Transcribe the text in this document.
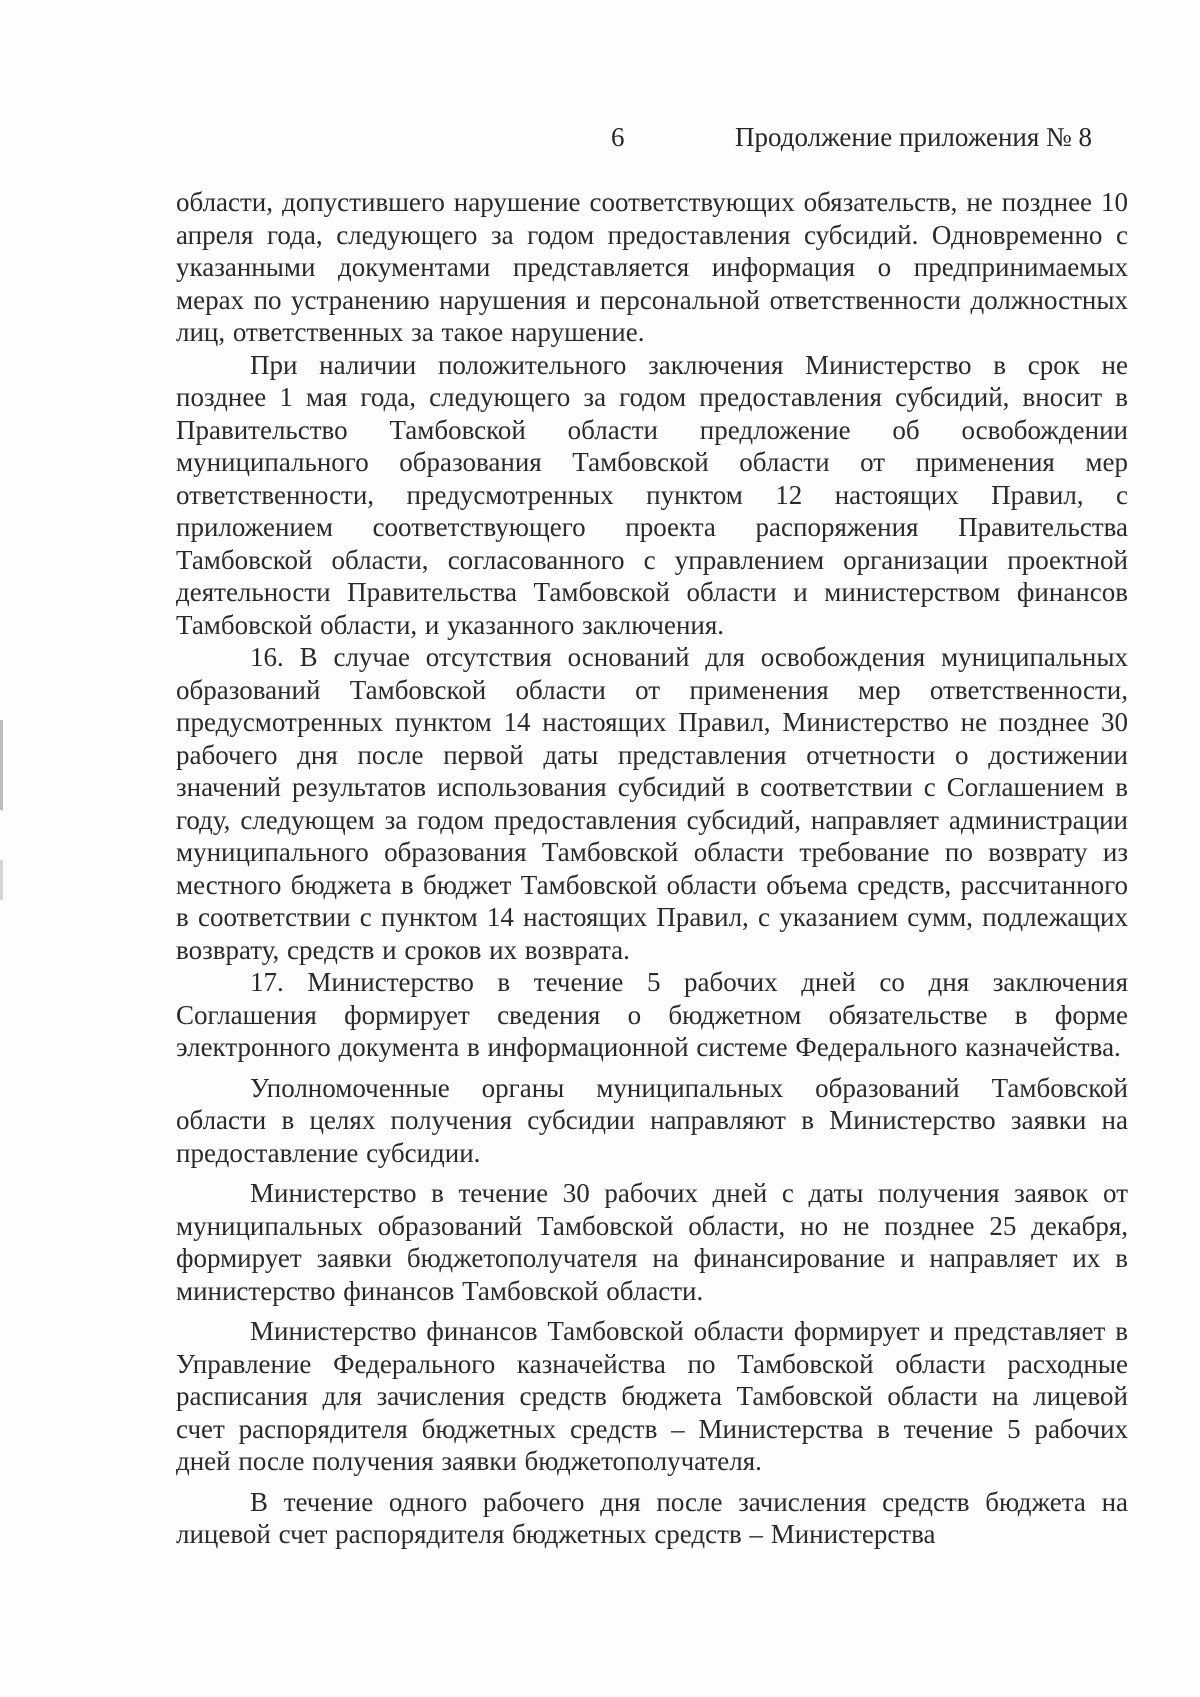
6	Продолжение приложения № 8

области, допустившего нарушение соответствующих обязательств, не позднее 10 апреля года, следующего за годом предоставления субсидий. Одновременно с указанными документами представляется информация о предпринимаемых мерах по устранению нарушения и персональной ответственности должностных лиц, ответственных за такое нарушение.

При наличии положительного заключения Министерство в срок не позднее 1 мая года, следующего за годом предоставления субсидий, вносит в Правительство Тамбовской области предложение об освобождении муниципального образования Тамбовской области от применения мер ответственности, предусмотренных пунктом 12 настоящих Правил, с приложением соответствующего проекта распоряжения Правительства Тамбовской области, согласованного с управлением организации проектной деятельности Правительства Тамбовской области и министерством финансов Тамбовской области, и указанного заключения.

16. В случае отсутствия оснований для освобождения муниципальных образований Тамбовской области от применения мер ответственности, предусмотренных пунктом 14 настоящих Правил, Министерство не позднее 30 рабочего дня после первой даты представления отчетности о достижении значений результатов использования субсидий в соответствии с Соглашением в году, следующем за годом предоставления субсидий, направляет администрации муниципального образования Тамбовской области требование по возврату из местного бюджета в бюджет Тамбовской области объема средств, рассчитанного в соответствии с пунктом 14 настоящих Правил, с указанием сумм, подлежащих возврату, средств и сроков их возврата.

17. Министерство в течение 5 рабочих дней со дня заключения Соглашения формирует сведения о бюджетном обязательстве в форме электронного документа в информационной системе Федерального казначейства.

Уполномоченные органы муниципальных образований Тамбовской области в целях получения субсидии направляют в Министерство заявки на предоставление субсидии.

Министерство в течение 30 рабочих дней с даты получения заявок от муниципальных образований Тамбовской области, но не позднее 25 декабря, формирует заявки бюджетополучателя на финансирование и направляет их в министерство финансов Тамбовской области.

Министерство финансов Тамбовской области формирует и представляет в Управление Федерального казначейства по Тамбовской области расходные расписания для зачисления средств бюджета Тамбовской области на лицевой счет распорядителя бюджетных средств – Министерства в течение 5 рабочих дней после получения заявки бюджетополучателя.

В течение одного рабочего дня после зачисления средств бюджета на лицевой счет распорядителя бюджетных средств – Министерства
